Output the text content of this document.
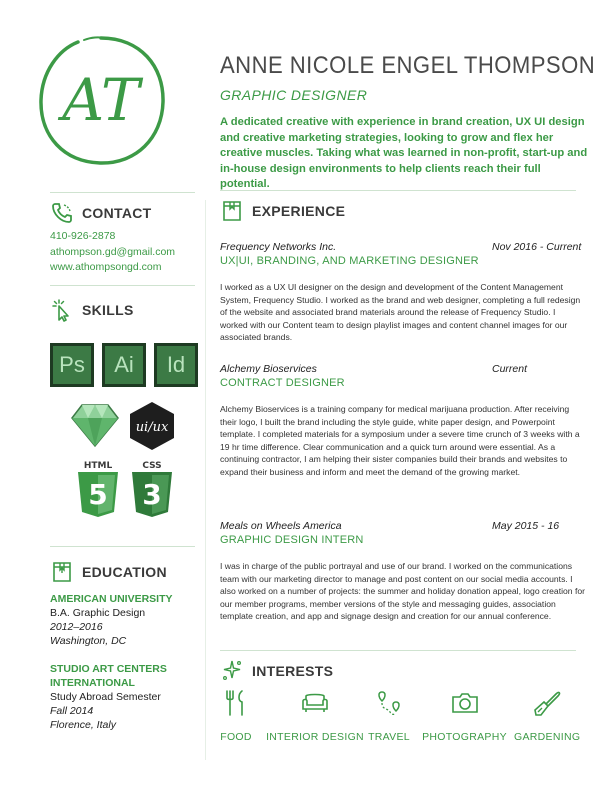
AT
ANNE NICOLE ENGEL THOMPSON
GRAPHIC DESIGNER
A dedicated creative with experience in brand creation, UX UI design and creative marketing strategies, looking to grow and flex her creative muscles. Taking what was learned in non-profit, start-up and in-house design environments to help clients reach their full potential.
CONTACT
410-926-2878
athompson.gd@gmail.com
www.athompsongd.com
SKILLS
Ps	Ai	Id
ui/ux
HTML
5
CSS
3
EDUCATION
AMERICAN UNIVERSITY
B.A. Graphic Design
2012–2016
Washington, DC
STUDIO ART CENTERS
INTERNATIONAL
Study Abroad Semester
Fall 2014
Florence, Italy
EXPERIENCE
Frequency Networks Inc.	Nov 2016 - Current
UX|UI, BRANDING, AND MARKETING DESIGNER
I worked as a UX UI designer on the design and development of the Content Management System, Frequency Studio. I worked as the brand and web designer, completing a full redesign of the website and associated brand materials around the release of Frequency Studio. I worked with our Content team to design playlist images and content channel images for our associated brands.
Alchemy Bioservices	Current
CONTRACT DESIGNER
Alchemy Bioservices is a training company for medical marijuana production. After receiving their logo, I built the brand including the style guide, white paper design, and Powerpoint template. I completed materials for a symposium under a severe time crunch of 3 weeks with a 19 hr time difference. Clear communication and a quick turn around were essential. As a continuing contractor, I am helping their sister companies build their brands and websites to expand their business and inform and meet the demand of the growing market.
Meals on Wheels America	May 2015 - 16
GRAPHIC DESIGN INTERN
I was in charge of the public portrayal and use of our brand. I worked on the communications team with our marketing director to manage and post content on our social media accounts. I also worked on a number of projects: the summer and holiday donation appeal, logo creation for our member programs, member versions of the style and messaging guides, association template creation, and app and signage design and creation for our annual conference.
INTERESTS
FOOD INTERIOR DESIGN TRAVEL PHOTOGRAPHY GARDENING
